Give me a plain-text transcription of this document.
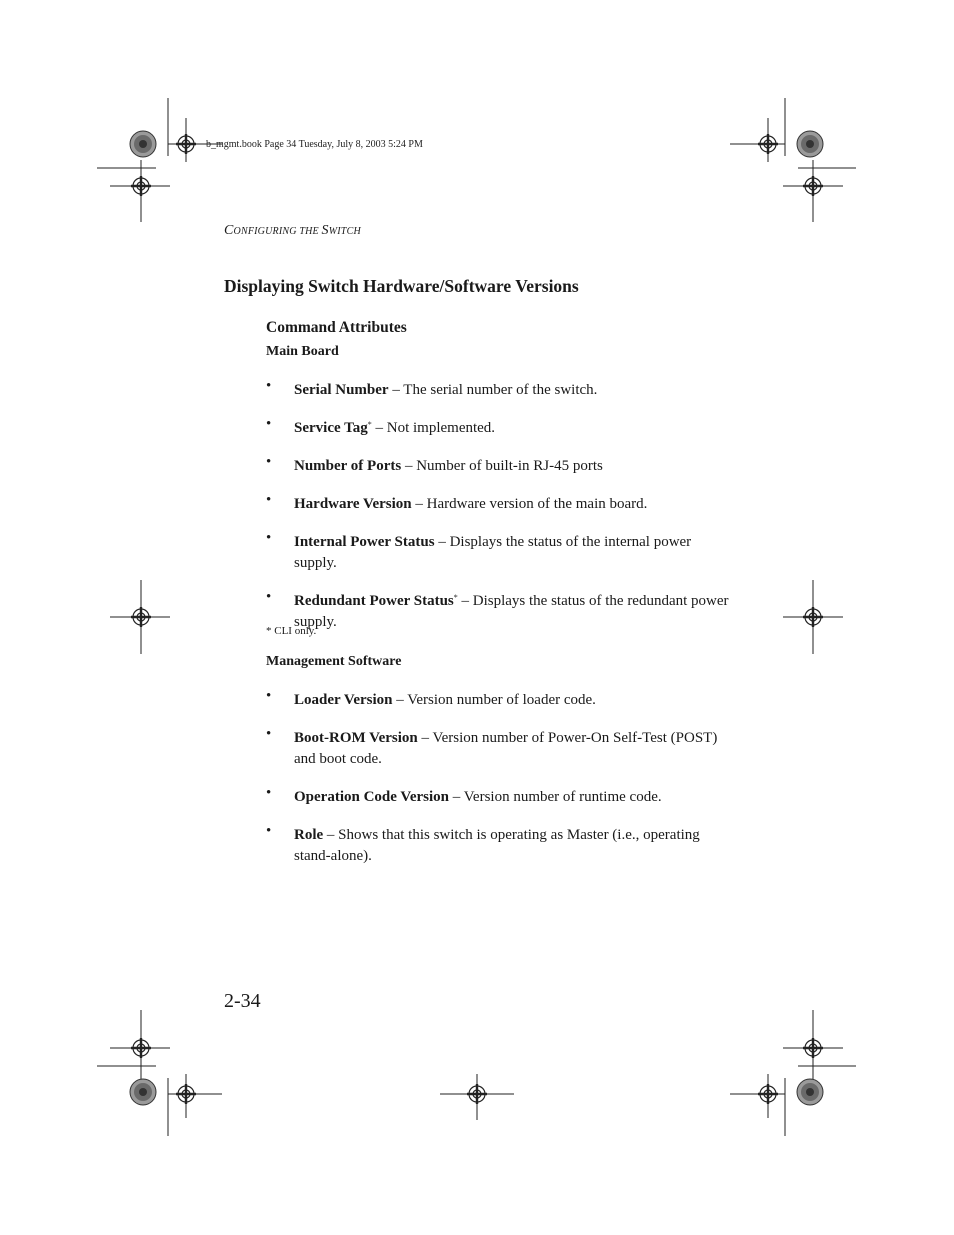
b_mgmt.book Page 34 Tuesday, July 8, 2003 5:24 PM
CONFIGURING THE SWITCH
Displaying Switch Hardware/Software Versions
Command Attributes
Main Board
• Serial Number – The serial number of the switch.
• Service Tag* – Not implemented.
• Number of Ports – Number of built-in RJ-45 ports
• Hardware Version – Hardware version of the main board.
• Internal Power Status – Displays the status of the internal power supply.
• Redundant Power Status* – Displays the status of the redundant power supply.
* CLI only.
Management Software
• Loader Version – Version number of loader code.
• Boot-ROM Version – Version number of Power-On Self-Test (POST) and boot code.
• Operation Code Version – Version number of runtime code.
• Role – Shows that this switch is operating as Master (i.e., operating stand-alone).
2-34
